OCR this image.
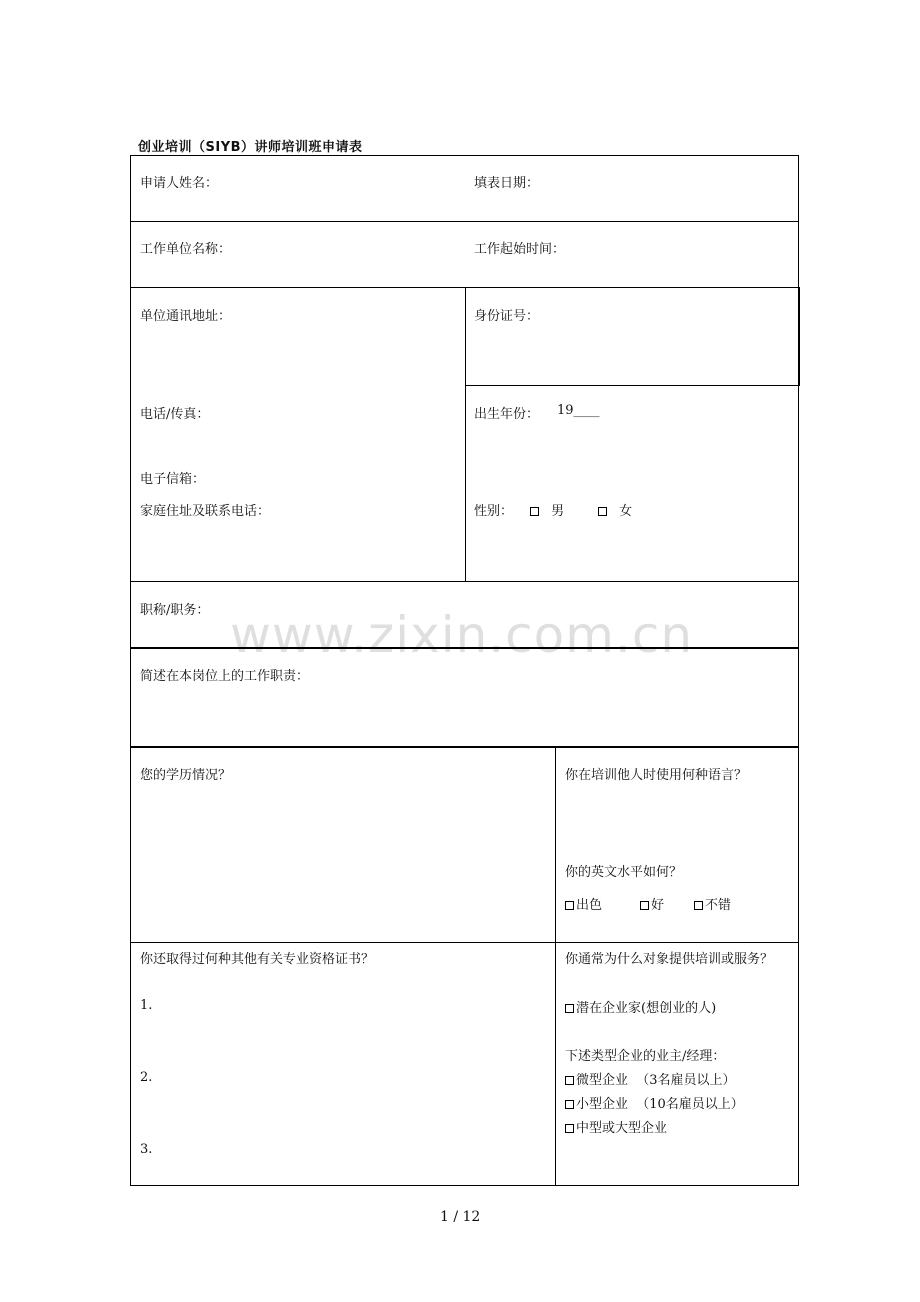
创业培训（SIYB）讲师培训班申请表
申请人姓名：	填表日期：
工作单位名称：	工作起始时间：
单位通讯地址：
电话/传真：
电子信箱：
家庭住址及联系电话：
身份证号：
出生年份： 19____
性别：	男	女
职称/职务：
简述在本岗位上的工作职责：
您的学历情况？	你在培训他人时使用何种语言？
你的英文水平如何？
出色	好	不错
你还取得过何种其他有关专业资格证书？
1.
2.
3.
你通常为什么对象提供培训或服务？
潜在企业家(想创业的人)
下述类型企业的业主/经理：
微型企业  （3名雇员以上）
小型企业  （10名雇员以上）
中型或大型企业
www.zixin.com.cn
1 / 12
